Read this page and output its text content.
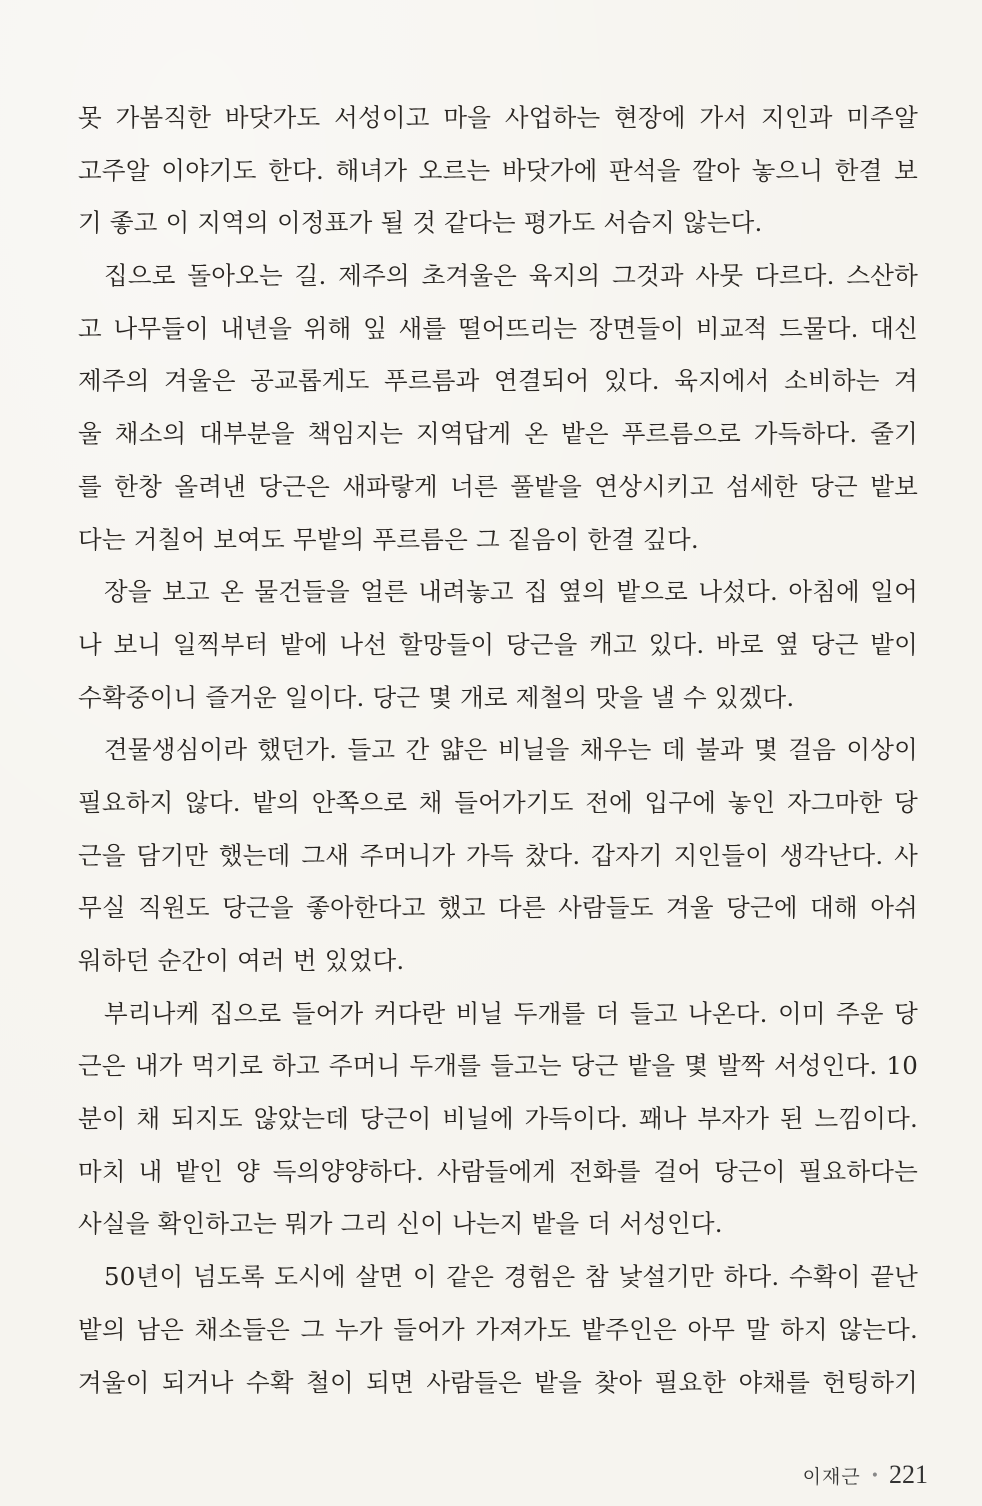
못 가봄직한 바닷가도 서성이고 마을 사업하는 현장에 가서 지인과 미주알
고주알 이야기도 한다. 해녀가 오르는 바닷가에 판석을 깔아 놓으니 한결 보
기 좋고 이 지역의 이정표가 될 것 같다는 평가도 서슴지 않는다.
집으로 돌아오는 길. 제주의 초겨울은 육지의 그것과 사뭇 다르다. 스산하
고 나무들이 내년을 위해 잎 새를 떨어뜨리는 장면들이 비교적 드물다. 대신
제주의 겨울은 공교롭게도 푸르름과 연결되어 있다. 육지에서 소비하는 겨
울 채소의 대부분을 책임지는 지역답게 온 밭은 푸르름으로 가득하다. 줄기
를 한창 올려낸 당근은 새파랗게 너른 풀밭을 연상시키고 섬세한 당근 밭보
다는 거칠어 보여도 무밭의 푸르름은 그 짙음이 한결 깊다.
장을 보고 온 물건들을 얼른 내려놓고 집 옆의 밭으로 나섰다. 아침에 일어
나 보니 일찍부터 밭에 나선 할망들이 당근을 캐고 있다. 바로 옆 당근 밭이
수확중이니 즐거운 일이다. 당근 몇 개로 제철의 맛을 낼 수 있겠다.
견물생심이라 했던가. 들고 간 얇은 비닐을 채우는 데 불과 몇 걸음 이상이
필요하지 않다. 밭의 안쪽으로 채 들어가기도 전에 입구에 놓인 자그마한 당
근을 담기만 했는데 그새 주머니가 가득 찼다. 갑자기 지인들이 생각난다. 사
무실 직원도 당근을 좋아한다고 했고 다른 사람들도 겨울 당근에 대해 아쉬
워하던 순간이 여러 번 있었다.
부리나케 집으로 들어가 커다란 비닐 두개를 더 들고 나온다. 이미 주운 당
근은 내가 먹기로 하고 주머니 두개를 들고는 당근 밭을 몇 발짝 서성인다. 10
분이 채 되지도 않았는데 당근이 비닐에 가득이다. 꽤나 부자가 된 느낌이다.
마치 내 밭인 양 득의양양하다. 사람들에게 전화를 걸어 당근이 필요하다는
사실을 확인하고는 뭐가 그리 신이 나는지 밭을 더 서성인다.
50년이 넘도록 도시에 살면 이 같은 경험은 참 낯설기만 하다. 수확이 끝난
밭의 남은 채소들은 그 누가 들어가 가져가도 밭주인은 아무 말 하지 않는다.
겨울이 되거나 수확 철이 되면 사람들은 밭을 찾아 필요한 야채를 헌팅하기
이재근 • 221
